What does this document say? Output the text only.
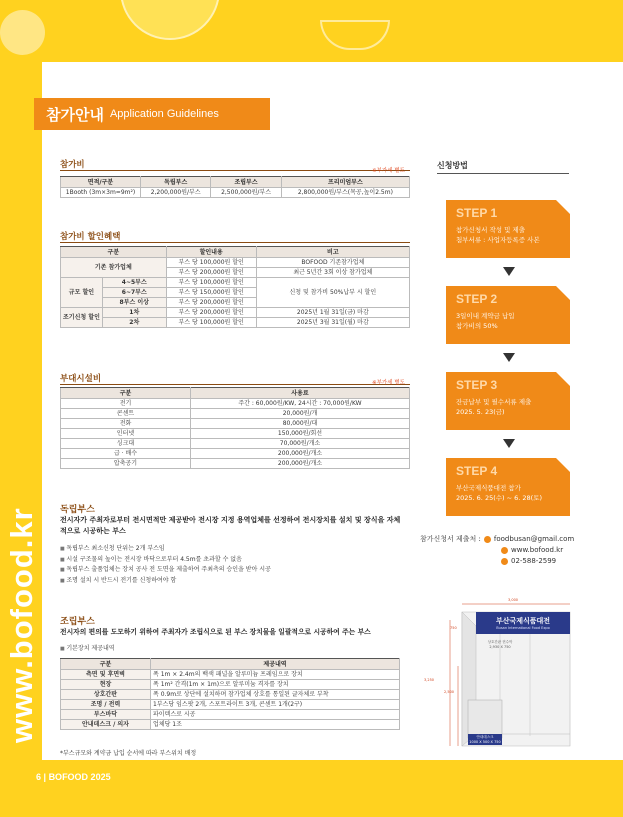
www.bofood.kr
6 | BOFOOD 2025
참가안내 Application Guidelines
참가비
※부가세 별도
면적/구분	독립부스	조립부스	프리미엄부스
1Booth (3m×3m=9m²)	2,200,000원/부스	2,500,000원/부스	2,800,000원/부스(목공,높이2.5m)
참가비 할인혜택
구분		할인내용	비고
기존 참가업체		부스 당 100,000원 할인	BOFOOD 기존참가업체
		부스 당 200,000원 할인	최근 5년간 3회 이상 참가업체
규모 할인	4~5부스	부스 당 100,000원 할인	신청 및 참가비 50%납부 시 할인
	6~7부스	부스 당 150,000원 할인	
	8부스 이상	부스 당 200,000원 할인	
조기신청 할인	1차	부스 당 200,000원 할인	2025년 1월 31일(금) 마감
	2차	부스 당 100,000원 할인	2025년 3월 31일(월) 마감
부대시설비	※부가세 별도
구분	사용료
전기	주간 : 60,000원/KW, 24시간 : 70,000원/KW
콘센트	20,000원/개
전화	80,000원/대
인터넷	150,000원/회선
싱크대	70,000원/개소
급 · 배수	200,000원/개소
압축공기	200,000원/개소
독립부스
전시자가 주최자로부터 전시면적만 제공받아 전시장 지정 용역업체를 선정하여 전시장치를 설치 및 장식을 자체적으로 시공하는 부스
■ 독립부스 최소신청 단위는 2개 부스임
■ 시설 구조물의 높이는 전시장 바닥으로부터 4.5m를 초과할 수 없음
■ 독립부스 출품업체는 장치 공사 전 도면을 제출하여 주최측의 승인을 받아 시공
■ 조명 설치 시 반드시 전기를 신청하여야 함
조립부스
전시자의 편의를 도모하기 위하여 주최자가 조립식으로 된 부스 장치물을 일괄적으로 시공하여 주는 부스
■ 기본장치 제공내역
구분	제공내역
측면 및 후면벽	폭 1m × 2.4m의 백색 패널을 알루미늄 프레임으로 장치
현장	폭 1m² 간격(1m × 1m)으로 알루미늄 격자를 장치
상호간판	폭 0.9m로 상단에 설치하며 참가업체 상호를 통일된 글자체로 부착
조명 / 전력	1부스당 임스팟 2개, 스포트라이트 3개, 콘센트 1개(2구)
부스바닥	파이텍스로 시공
안내데스크 / 의자	업체당 1조
*부스규모와 계약금 납입 순서에 따라 부스위치 배정
신청방법
STEP 1
참가신청서 작성 및 제출
첨부서류 : 사업자등록증 사본
STEP 2
3일이내 계약금 납입
참가비의 50%
STEP 3
잔금납부 및 필수서류 제출
2025. 5. 23(금)
STEP 4
부산국제식품대전 참가
2025. 6. 25(수) ~ 6. 28(토)
참가신청서 제출처 : foodbusan@gmail.com
www.bofood.kr
02-588-2599
부산국제식품대전
Busan International Food Expo
3,000
3,250
2,500
750
상호간판 현수막
2,930 X 750
안내데스크
1000 X 500 X 750
